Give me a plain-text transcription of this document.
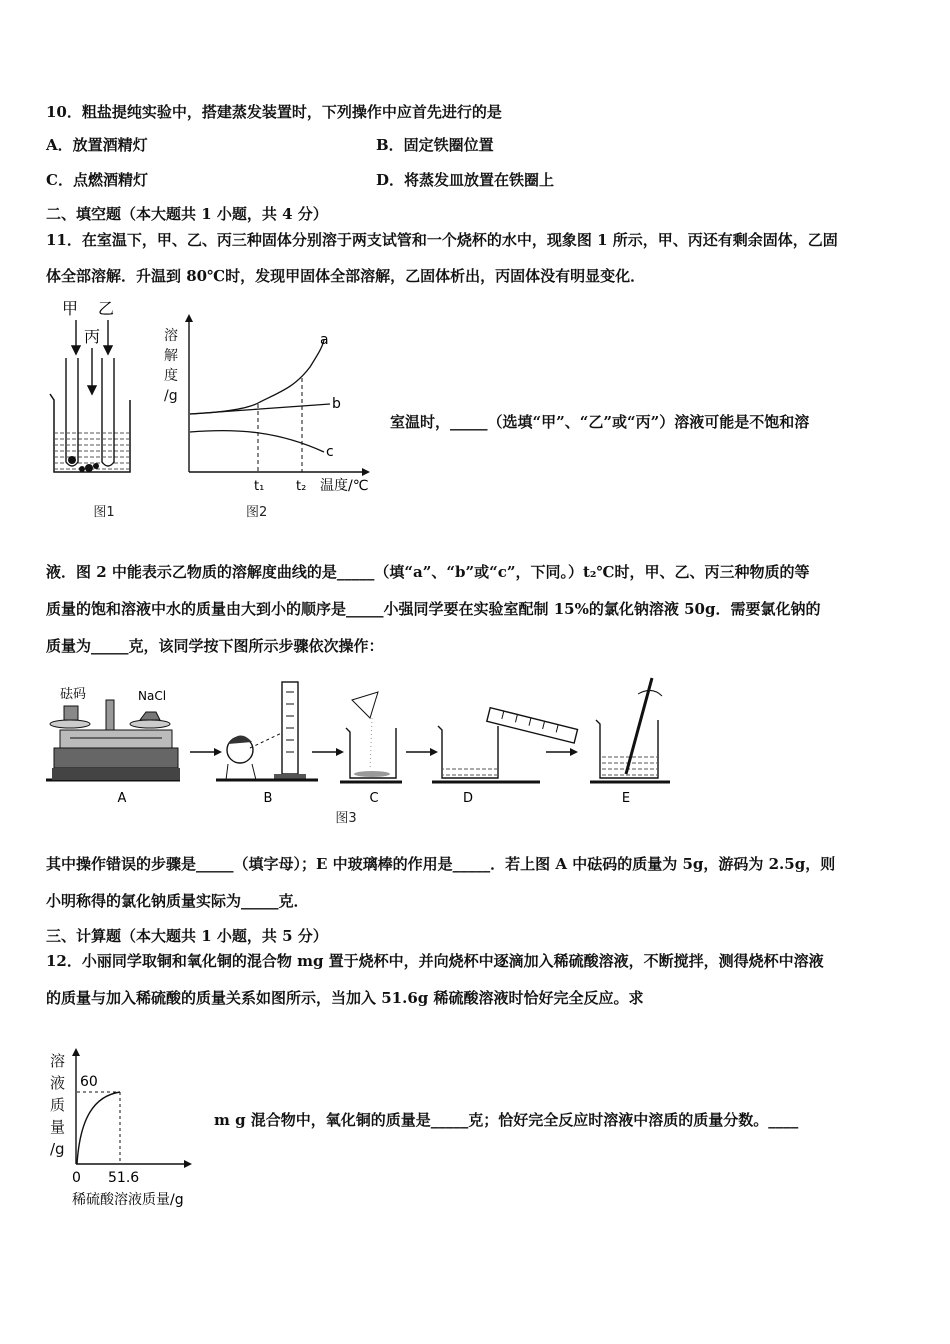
10．粗盐提纯实验中，搭建蒸发装置时，下列操作中应首先进行的是
A．放置酒精灯	B．固定铁圈位置
C．点燃酒精灯	D．将蒸发皿放置在铁圈上
二、填空题（本大题共 1 小题，共 4 分）
11．在室温下，甲、乙、丙三种固体分别溶于两支试管和一个烧杯的水中，现象图 1 所示，甲、丙还有剩余固体，乙固
体全部溶解．升温到 80℃时，发现甲固体全部溶解，乙固体析出，丙固体没有明显变化．
甲 乙
丙
图1
溶
解
度
/g
a
b
c
t₁ t₂ 温度/℃
图2
室温时，_____（选填“甲”、“乙”或“丙”）溶液可能是不饱和溶
液．图 2 中能表示乙物质的溶解度曲线的是_____（填“a”、“b”或“c”，下同。）t₂℃时，甲、乙、丙三种物质的等
质量的饱和溶液中水的质量由大到小的顺序是_____小强同学要在实验室配制 15%的氯化钠溶液 50g．需要氯化钠的
质量为_____克，该同学按下图所示步骤依次操作：
砝码	NaCl
A	B	C	D	E
图3
其中操作错误的步骤是_____（填字母）；E 中玻璃棒的作用是_____．若上图 A 中砝码的质量为 5g，游码为 2.5g，则
小明称得的氯化钠质量实际为_____克．
三、计算题（本大题共 1 小题，共 5 分）
12．小丽同学取铜和氧化铜的混合物 mg 置于烧杯中，并向烧杯中逐滴加入稀硫酸溶液，不断搅拌，测得烧杯中溶液
的质量与加入稀硫酸的质量关系如图所示，当加入 51.6g 稀硫酸溶液时恰好完全反应。求
溶
液
质
量
/g
60
0 51.6
稀硫酸溶液质量/g
m g 混合物中，氧化铜的质量是_____克；恰好完全反应时溶液中溶质的质量分数。____
